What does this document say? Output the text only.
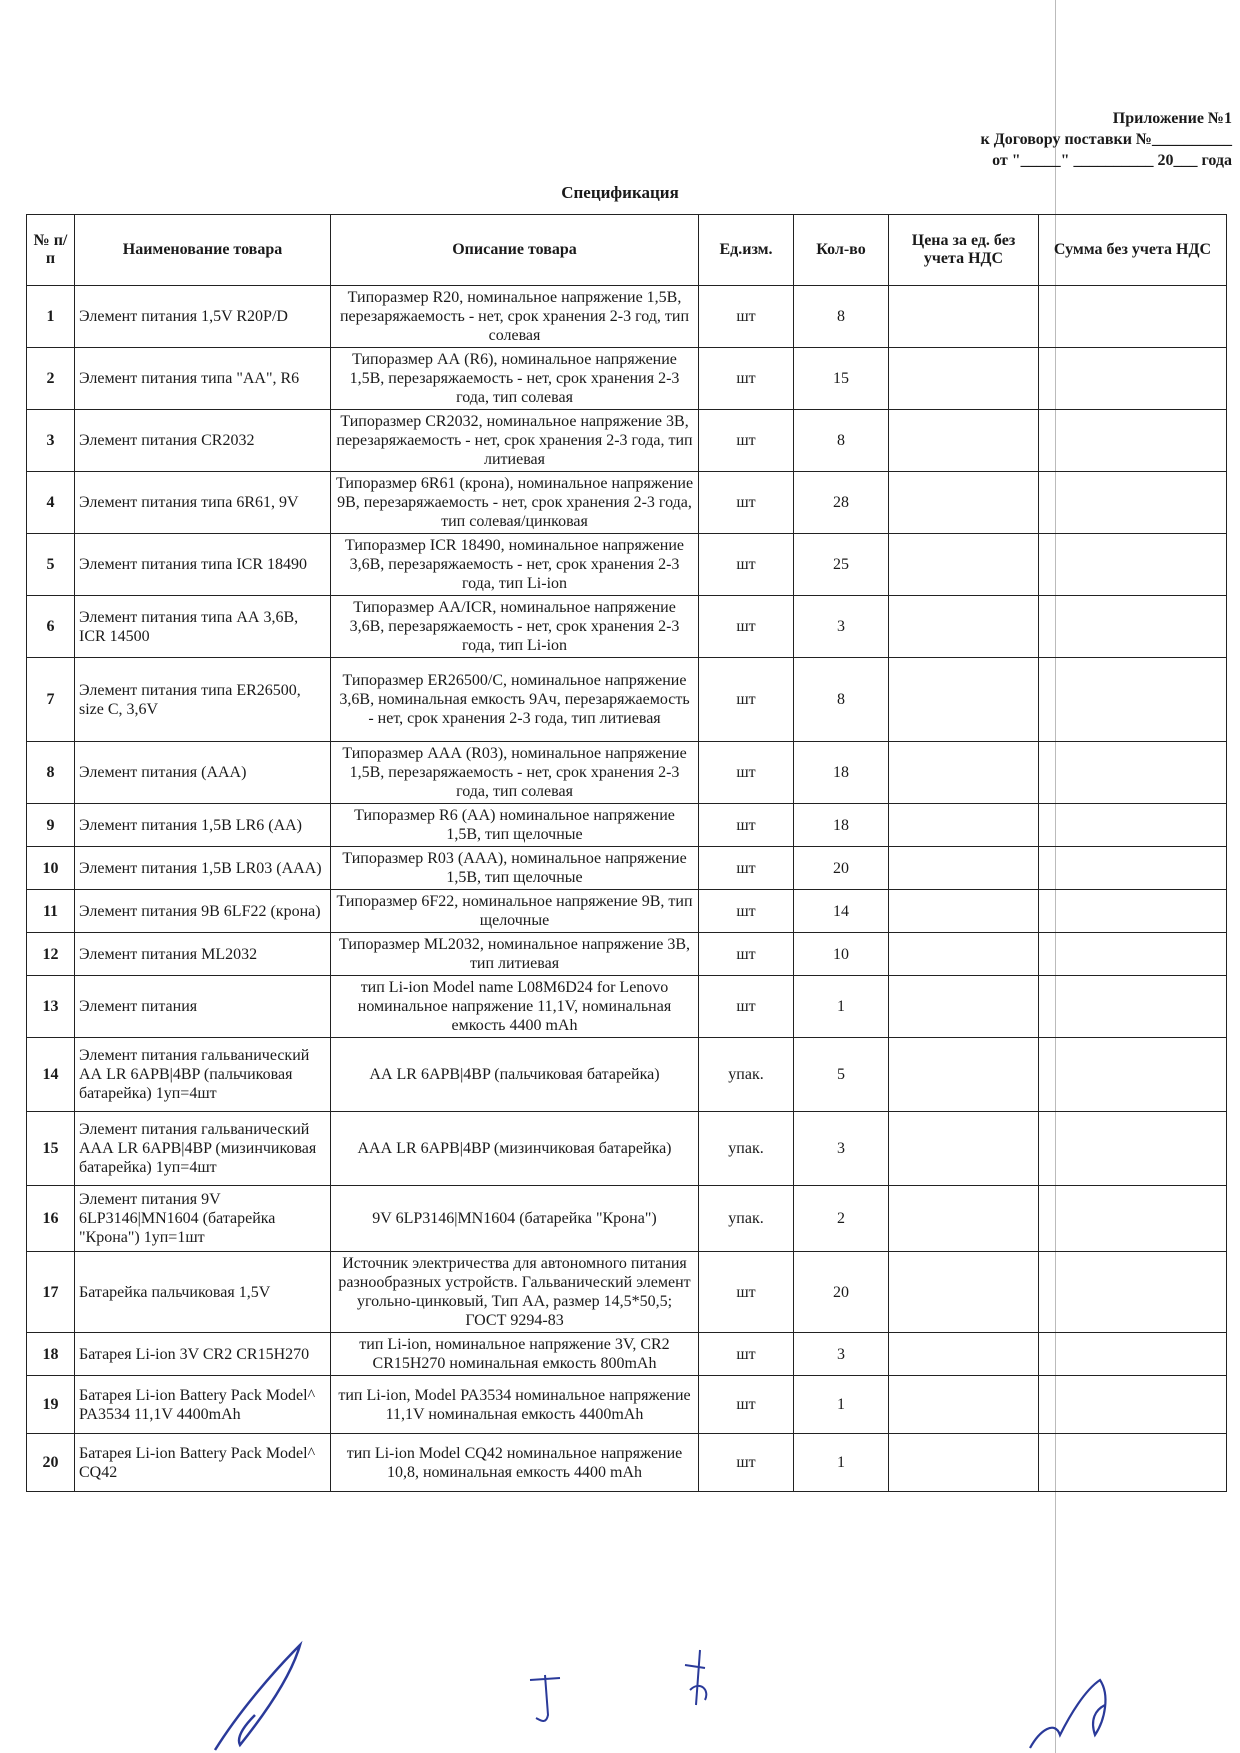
Приложение №1
к Договору поставки №__________
от "_____" __________ 20___ года
Спецификация
№ п/п	Наименование товара	Описание товара	Ед.изм.	Кол-во	Цена за ед. без учета НДС	Сумма без учета НДС
1	Элемент питания 1,5V R20P/D	Типоразмер R20, номинальное напряжение 1,5В, перезаряжаемость - нет, срок хранения 2-3 год, тип солевая	шт	8		
2	Элемент питания типа "АА", R6	Типоразмер АА (R6), номинальное напряжение 1,5В, перезаряжаемость - нет, срок хранения 2-3 года, тип солевая	шт	15		
3	Элемент питания CR2032	Типоразмер CR2032, номинальное напряжение 3В, перезаряжаемость - нет, срок хранения 2-3 года, тип литиевая	шт	8		
4	Элемент питания типа 6R61, 9V	Типоразмер 6R61 (крона), номинальное напряжение 9В, перезаряжаемость - нет, срок хранения 2-3 года, тип солевая/цинковая	шт	28		
5	Элемент питания типа ICR 18490	Типоразмер ICR 18490, номинальное напряжение 3,6В, перезаряжаемость - нет, срок хранения 2-3 года, тип Li-ion	шт	25		
6	Элемент питания типа АА 3,6В, ICR 14500	Типоразмер АА/ICR, номинальное напряжение 3,6В, перезаряжаемость - нет, срок хранения 2-3 года, тип Li-ion	шт	3		
7	Элемент питания типа ER26500, size C, 3,6V	Типоразмер ER26500/С, номинальное напряжение 3,6В, номинальная емкость 9Ач, перезаряжаемость - нет, срок хранения 2-3 года, тип литиевая	шт	8		
8	Элемент питания (ААА)	Типоразмер ААА (R03), номинальное напряжение 1,5В, перезаряжаемость - нет, срок хранения 2-3 года, тип солевая	шт	18		
9	Элемент питания 1,5В LR6 (АА)	Типоразмер R6 (АА) номинальное напряжение 1,5В, тип щелочные	шт	18		
10	Элемент питания 1,5В LR03 (ААА)	Типоразмер R03 (ААА), номинальное напряжение 1,5В, тип щелочные	шт	20		
11	Элемент питания 9В 6LF22 (крона)	Типоразмер 6F22, номинальное напряжение 9В, тип щелочные	шт	14		
12	Элемент питания ML2032	Типоразмер ML2032, номинальное напряжение 3В, тип литиевая	шт	10		
13	Элемент питания	тип Li-ion Model name L08M6D24 for Lenovo номинальное напряжение 11,1V, номинальная емкость 4400 mAh	шт	1		
14	Элемент питания гальванический АА LR 6APB|4BP (пальчиковая батарейка) 1уп=4шт	АА LR 6APB|4BP (пальчиковая батарейка)	упак.	5		
15	Элемент питания гальванический ААА LR 6APB|4BP (мизинчиковая батарейка) 1уп=4шт	ААА LR 6APB|4BP (мизинчиковая батарейка)	упак.	3		
16	Элемент питания 9V 6LP3146|MN1604 (батарейка "Крона") 1уп=1шт	9V 6LP3146|MN1604 (батарейка "Крона")	упак.	2		
17	Батарейка пальчиковая 1,5V	Источник электричества для автономного питания разнообразных устройств. Гальванический элемент угольно-цинковый, Тип АА, размер 14,5*50,5; ГОСТ 9294-83	шт	20		
18	Батарея Li-ion 3V CR2 CR15H270	тип Li-ion, номинальное напряжение 3V, CR2 CR15H270 номинальная емкость 800mAh	шт	3		
19	Батарея Li-ion Battery Pack Model^ PA3534 11,1V 4400mAh	тип Li-ion, Model PA3534 номинальное напряжение 11,1V номинальная емкость 4400mAh	шт	1		
20	Батарея Li-ion Battery Pack Model^ CQ42	тип Li-ion Model CQ42 номинальное напряжение 10,8, номинальная емкость 4400 mAh	шт	1		
